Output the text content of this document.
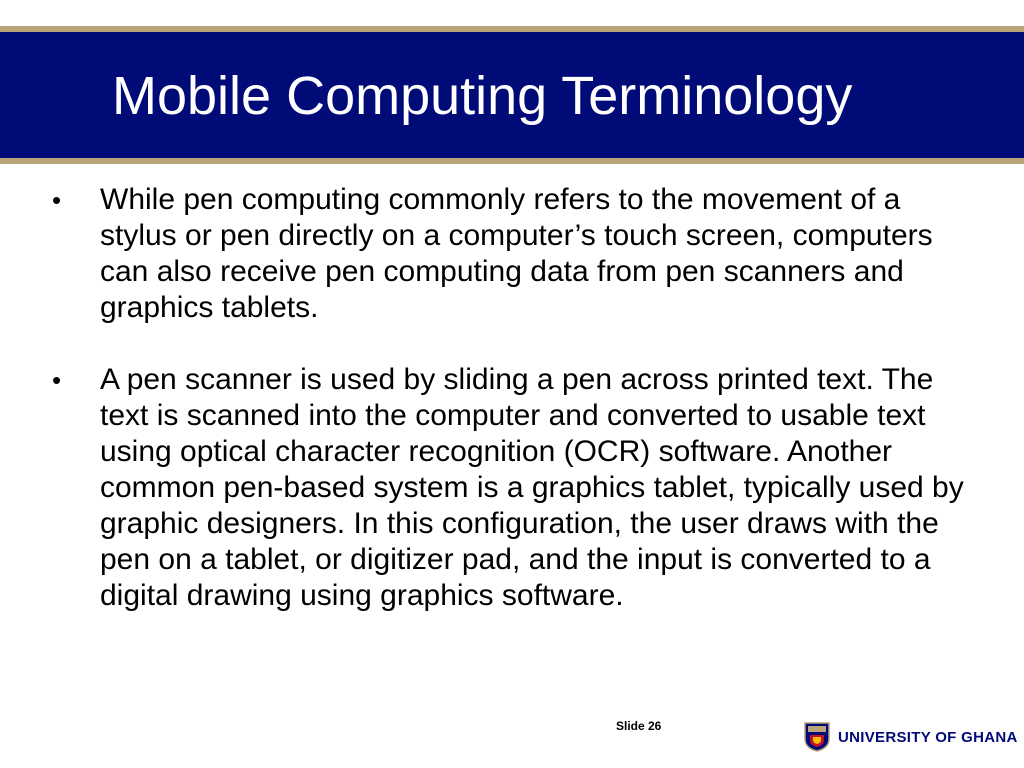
Mobile Computing Terminology
•	While pen computing commonly refers to the movement of a stylus or pen directly on a computer’s touch screen, computers can also receive pen computing data from pen scanners and graphics tablets.
•	A pen scanner is used by sliding a pen across printed text. The text is scanned into the computer and converted to usable text using optical character recognition (OCR) software. Another common pen-based system is a graphics tablet, typically used by graphic designers. In this configuration, the user draws with the pen on a tablet, or digitizer pad, and the input is converted to a digital drawing using graphics software.
Slide 26
UNIVERSITY OF GHANA
